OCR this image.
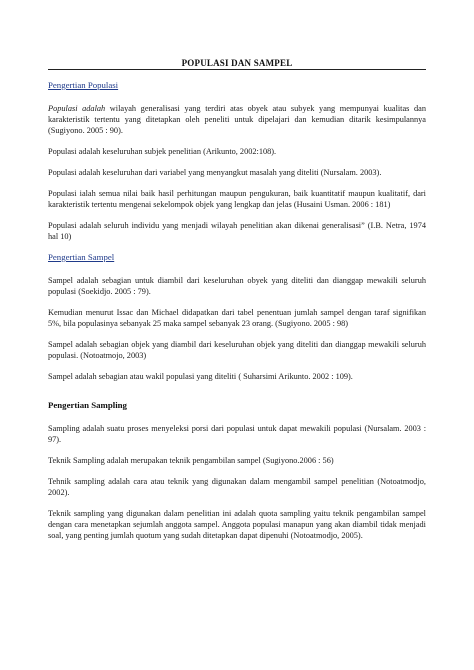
POPULASI DAN SAMPEL
Pengertian Populasi

Populasi adalah wilayah generalisasi yang terdiri atas obyek atau subyek yang mempunyai kualitas dan karakteristik tertentu yang ditetapkan oleh peneliti untuk dipelajari dan kemudian ditarik kesimpulannya (Sugiyono. 2005 : 90).

Populasi adalah keseluruhan subjek penelitian (Arikunto, 2002:108).

Populasi adalah keseluruhan dari variabel yang menyangkut masalah yang diteliti (Nursalam. 2003).

Populasi ialah semua nilai baik hasil perhitungan maupun pengukuran, baik kuantitatif maupun kualitatif, dari karakteristik tertentu mengenai sekelompok objek yang lengkap dan jelas (Husaini Usman. 2006 : 181)

Populasi adalah seluruh individu yang menjadi wilayah penelitian akan dikenai generalisasi” (I.B. Netra, 1974 hal 10)

Pengertian Sampel

Sampel adalah sebagian untuk diambil dari keseluruhan obyek yang diteliti dan dianggap mewakili seluruh populasi (Soekidjo. 2005 : 79).

Kemudian menurut Issac dan Michael didapatkan dari tabel penentuan jumlah sampel dengan taraf signifikan 5%, bila populasinya sebanyak 25 maka sampel sebanyak 23 orang. (Sugiyono. 2005 : 98)

Sampel adalah sebagian objek yang diambil dari keseluruhan objek yang diteliti dan dianggap mewakili seluruh populasi. (Notoatmojo, 2003)

Sampel adalah sebagian atau wakil populasi yang diteliti ( Suharsimi Arikunto. 2002 : 109).

Pengertian Sampling

Sampling adalah suatu proses menyeleksi porsi dari populasi untuk dapat mewakili populasi (Nursalam. 2003 : 97).

Teknik Sampling adalah merupakan teknik pengambilan sampel (Sugiyono.2006 : 56)

Tehnik sampling adalah cara atau teknik yang digunakan dalam mengambil sampel penelitian (Notoatmodjo, 2002).

Teknik sampling yang digunakan dalam penelitian ini adalah quota sampling yaitu teknik pengambilan sampel dengan cara menetapkan sejumlah anggota sampel. Anggota populasi manapun yang akan diambil tidak menjadi soal, yang penting jumlah quotum yang sudah ditetapkan dapat dipenuhi (Notoatmodjo, 2005).
